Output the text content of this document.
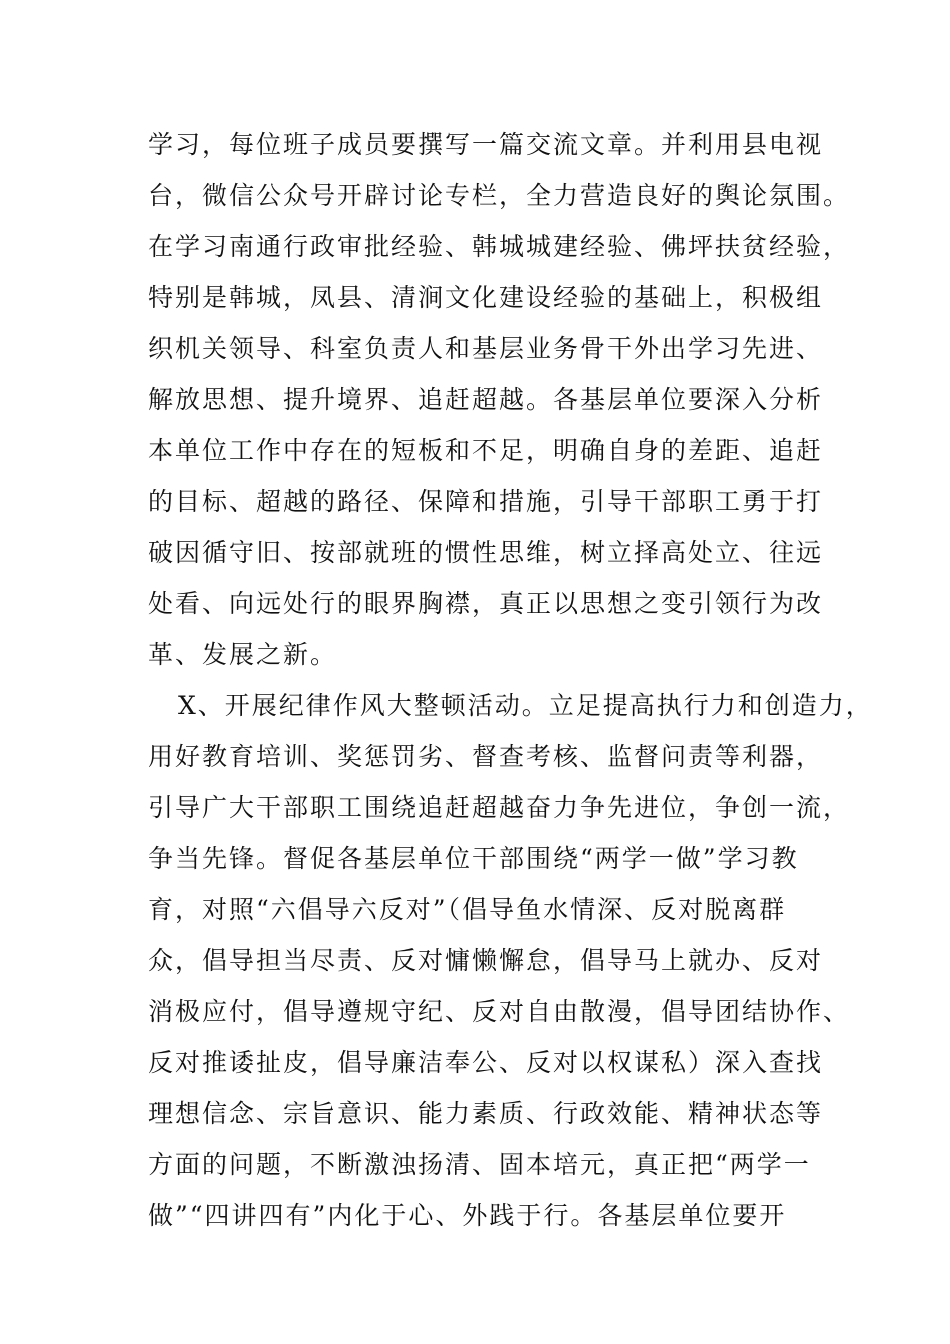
学习，每位班子成员要撰写一篇交流文章。并利用县电视
台，微信公众号开辟讨论专栏，全力营造良好的舆论氛围。
在学习南通行政审批经验、韩城城建经验、佛坪扶贫经验，
特别是韩城，凤县、清涧文化建设经验的基础上，积极组
织机关领导、科室负责人和基层业务骨干外出学习先进、
解放思想、提升境界、追赶超越。各基层单位要深入分析
本单位工作中存在的短板和不足，明确自身的差距、追赶
的目标、超越的路径、保障和措施，引导干部职工勇于打
破因循守旧、按部就班的惯性思维，树立择高处立、往远
处看、向远处行的眼界胸襟，真正以思想之变引领行为改
革、发展之新。
X、开展纪律作风大整顿活动。立足提高执行力和创造力，
用好教育培训、奖惩罚劣、督查考核、监督问责等利器，
引导广大干部职工围绕追赶超越奋力争先进位，争创一流，
争当先锋。督促各基层单位干部围绕“两学一做”学习教
育，对照“六倡导六反对”（倡导鱼水情深、反对脱离群
众，倡导担当尽责、反对慵懒懈怠，倡导马上就办、反对
消极应付，倡导遵规守纪、反对自由散漫，倡导团结协作、
反对推诿扯皮，倡导廉洁奉公、反对以权谋私）深入查找
理想信念、宗旨意识、能力素质、行政效能、精神状态等
方面的问题，不断激浊扬清、固本培元，真正把“两学一
做”“四讲四有”内化于心、外践于行。各基层单位要开
